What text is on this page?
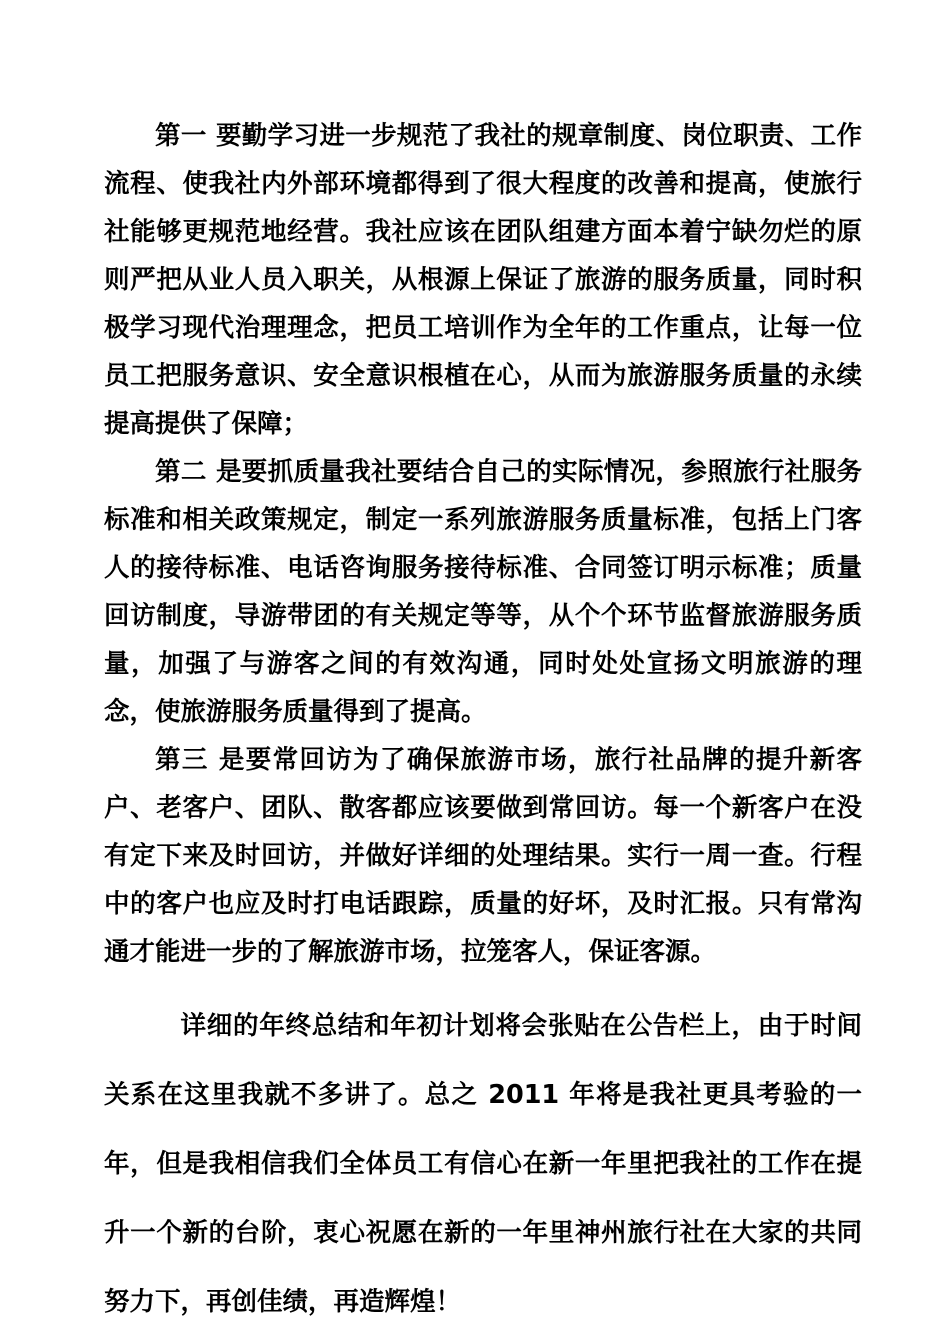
第一 要勤学习进一步规范了我社的规章制度、岗位职责、工作流程、使我社内外部环境都得到了很大程度的改善和提高，使旅行社能够更规范地经营。我社应该在团队组建方面本着宁缺勿烂的原则严把从业人员入职关，从根源上保证了旅游的服务质量，同时积极学习现代治理理念，把员工培训作为全年的工作重点，让每一位员工把服务意识、安全意识根植在心，从而为旅游服务质量的永续提高提供了保障；

第二 是要抓质量我社要结合自己的实际情况，参照旅行社服务标准和相关政策规定，制定一系列旅游服务质量标准，包括上门客人的接待标准、电话咨询服务接待标准、合同签订明示标准；质量回访制度，导游带团的有关规定等等，从个个环节监督旅游服务质量，加强了与游客之间的有效沟通，同时处处宣扬文明旅游的理念，使旅游服务质量得到了提高。

第三 是要常回访为了确保旅游市场，旅行社品牌的提升新客户、老客户、团队、散客都应该要做到常回访。每一个新客户在没有定下来及时回访，并做好详细的处理结果。实行一周一查。行程中的客户也应及时打电话跟踪，质量的好坏，及时汇报。只有常沟通才能进一步的了解旅游市场，拉笼客人，保证客源。

详细的年终总结和年初计划将会张贴在公告栏上，由于时间关系在这里我就不多讲了。总之 2011 年将是我社更具考验的一年，但是我相信我们全体员工有信心在新一年里把我社的工作在提升一个新的台阶，衷心祝愿在新的一年里神州旅行社在大家的共同努力下，再创佳绩，再造辉煌！
